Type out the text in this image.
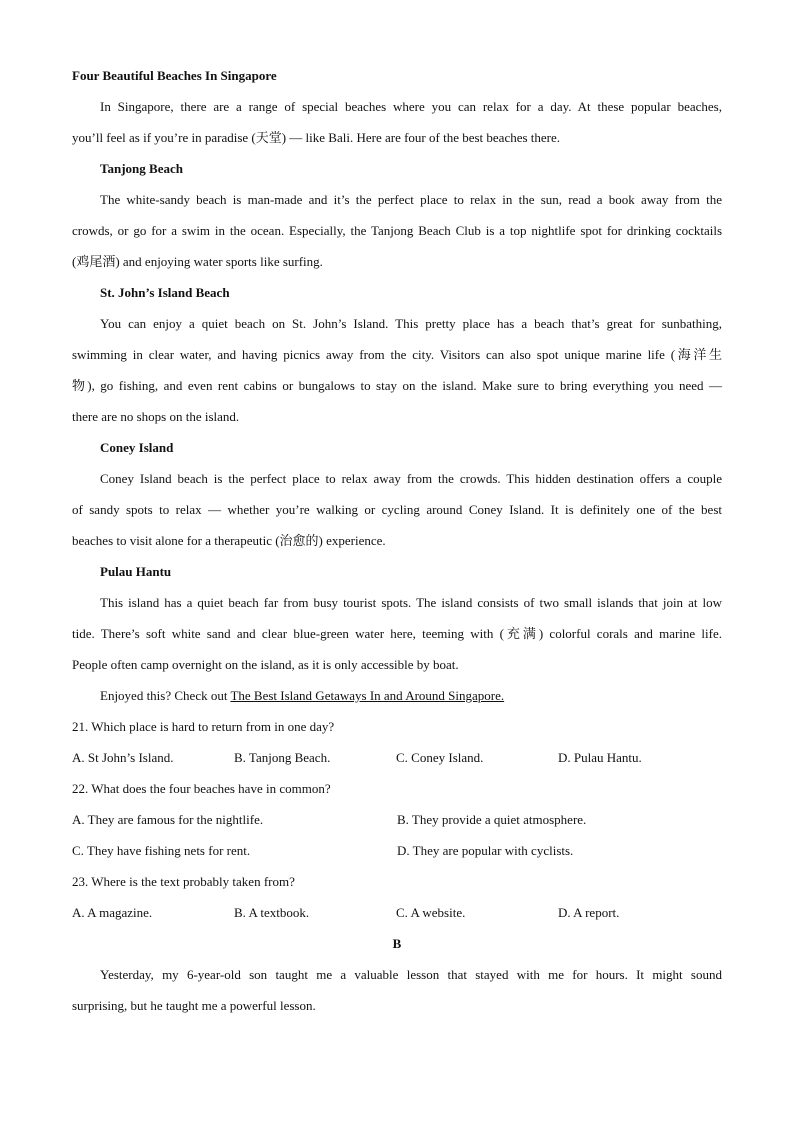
Four Beautiful Beaches In Singapore
In Singapore, there are a range of special beaches where you can relax for a day. At these popular beaches,
you’ll feel as if you’re in paradise (天堂) — like Bali. Here are four of the best beaches there.
Tanjong Beach
The white-sandy beach is man-made and it’s the perfect place to relax in the sun, read a book away from the
crowds, or go for a swim in the ocean. Especially, the Tanjong Beach Club is a top nightlife spot for drinking cocktails
(鸡尾酒) and enjoying water sports like surfing.
St. John’s Island Beach
You can enjoy a quiet beach on St. John’s Island. This pretty place has a beach that’s great for sunbathing,
swimming in clear water, and having picnics away from the city. Visitors can also spot unique marine life (海洋生
物), go fishing, and even rent cabins or bungalows to stay on the island. Make sure to bring everything you need —
there are no shops on the island.
Coney Island
Coney Island beach is the perfect place to relax away from the crowds. This hidden destination offers a couple
of sandy spots to relax — whether you’re walking or cycling around Coney Island. It is definitely one of the best
beaches to visit alone for a therapeutic (治愈的) experience.
Pulau Hantu
This island has a quiet beach far from busy tourist spots. The island consists of two small islands that join at low
tide. There’s soft white sand and clear blue-green water here, teeming with (充满) colorful corals and marine life.
People often camp overnight on the island, as it is only accessible by boat.
Enjoyed this? Check out The Best Island Getaways In and Around Singapore.
21. Which place is hard to return from in one day?
A. St John’s Island.	B. Tanjong Beach.	C. Coney Island.	D. Pulau Hantu.
22. What does the four beaches have in common?
A. They are famous for the nightlife.	B. They provide a quiet atmosphere.
C. They have fishing nets for rent.	D. They are popular with cyclists.
23. Where is the text probably taken from?
A. A magazine.	B. A textbook.	C. A website.	D. A report.
B
Yesterday, my 6-year-old son taught me a valuable lesson that stayed with me for hours. It might sound
surprising, but he taught me a powerful lesson.
